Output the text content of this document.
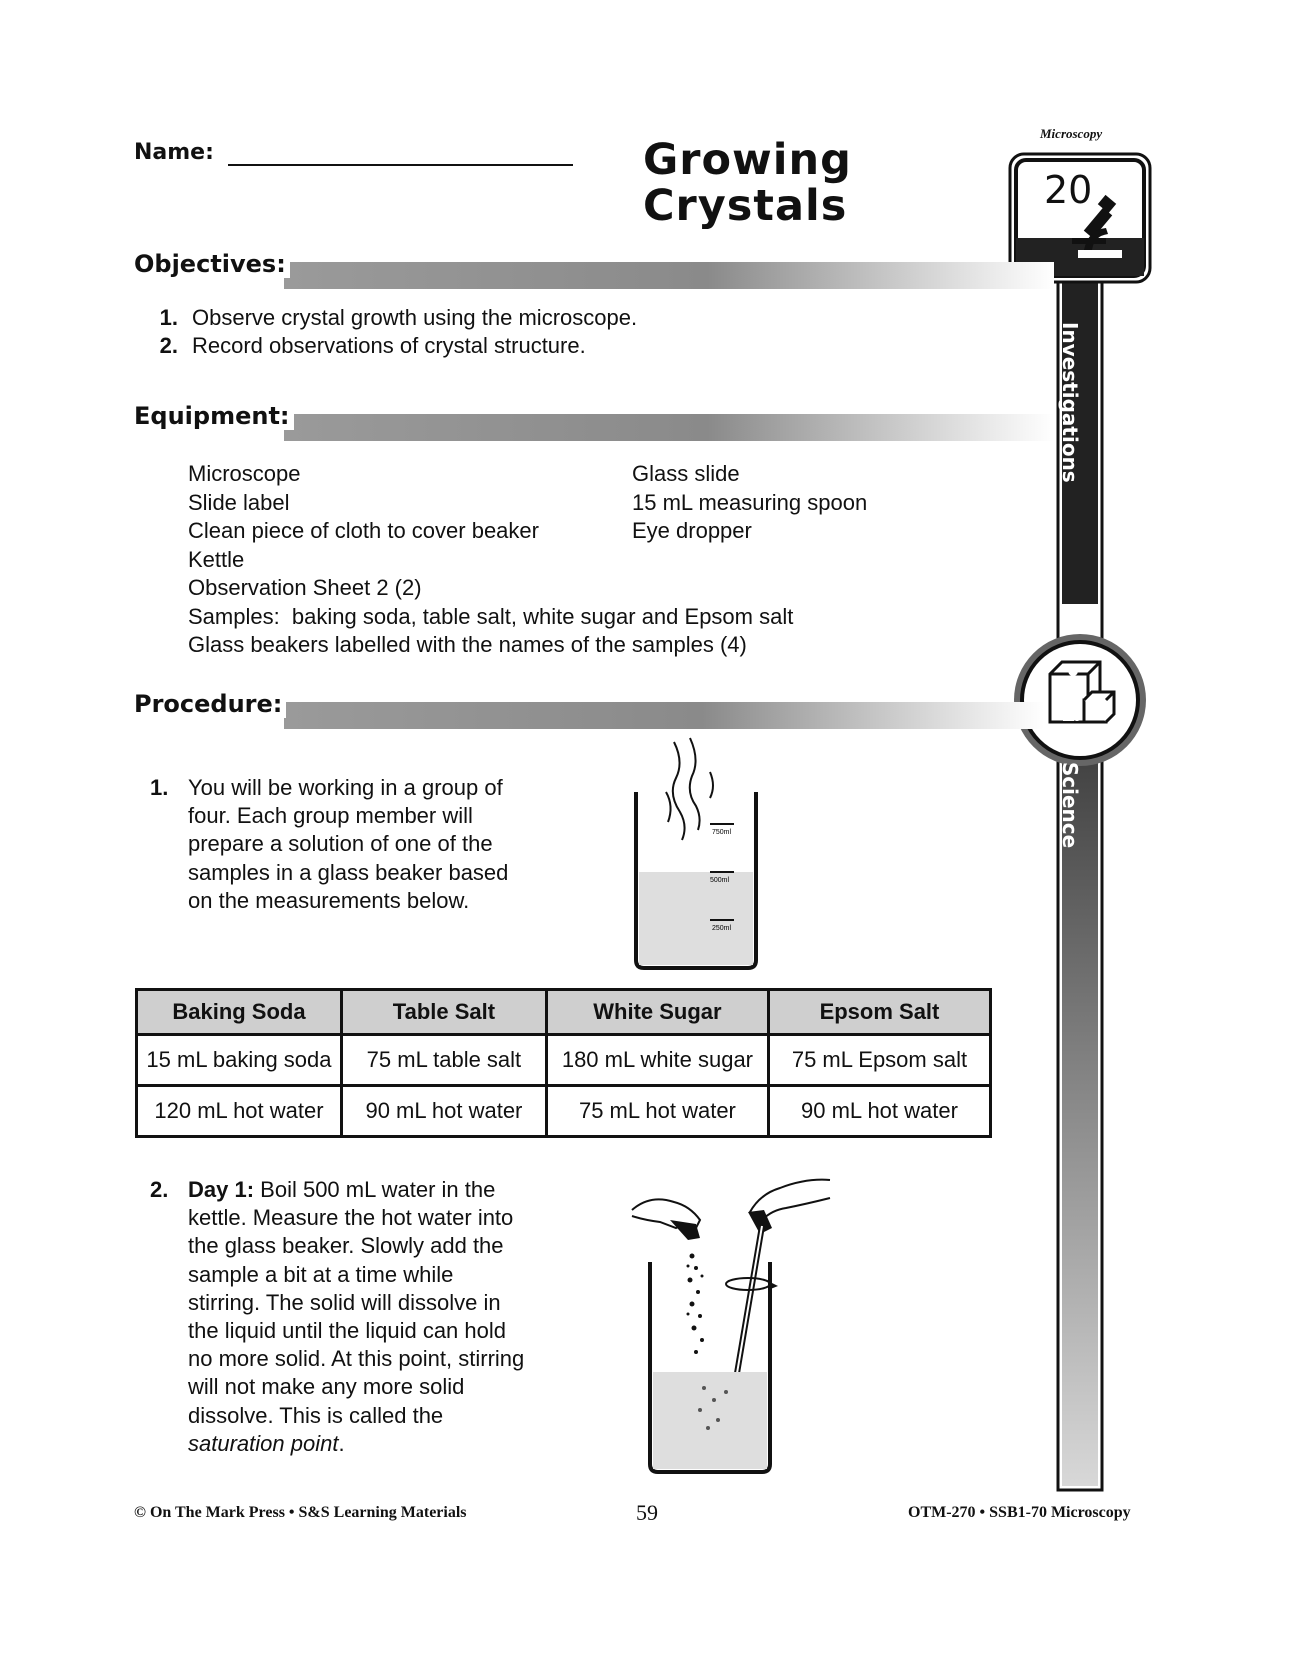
Name:	Growing
Crystals
Microscopy
20
Investigations
Physical Science
Objectives:
1. Observe crystal growth using the microscope.
2. Record observations of crystal structure.
Equipment:
Microscope
Slide label
Clean piece of cloth to cover beaker
Kettle
Observation Sheet 2 (2)
Samples:  baking soda, table salt, white sugar and Epsom salt
Glass beakers labelled with the names of the samples (4)
Glass slide
15 mL measuring spoon
Eye dropper
Procedure:
1. You will be working in a group of
four. Each group member will
prepare a solution of one of the
samples in a glass beaker based
on the measurements below.
750ml
500ml
250ml
Baking Soda	Table Salt	White Sugar	Epsom Salt
15 mL baking soda	75 mL table salt	180 mL white sugar	75 mL Epsom salt
120 mL hot water	90 mL hot water	75 mL hot water	90 mL hot water
2. Day 1: Boil 500 mL water in the
kettle. Measure the hot water into
the glass beaker. Slowly add the
sample a bit at a time while
stirring. The solid will dissolve in
the liquid until the liquid can hold
no more solid. At this point, stirring
will not make any more solid
dissolve. This is called the
saturation point.
© On The Mark Press • S&S Learning Materials	59	OTM-270 • SSB1-70 Microscopy
